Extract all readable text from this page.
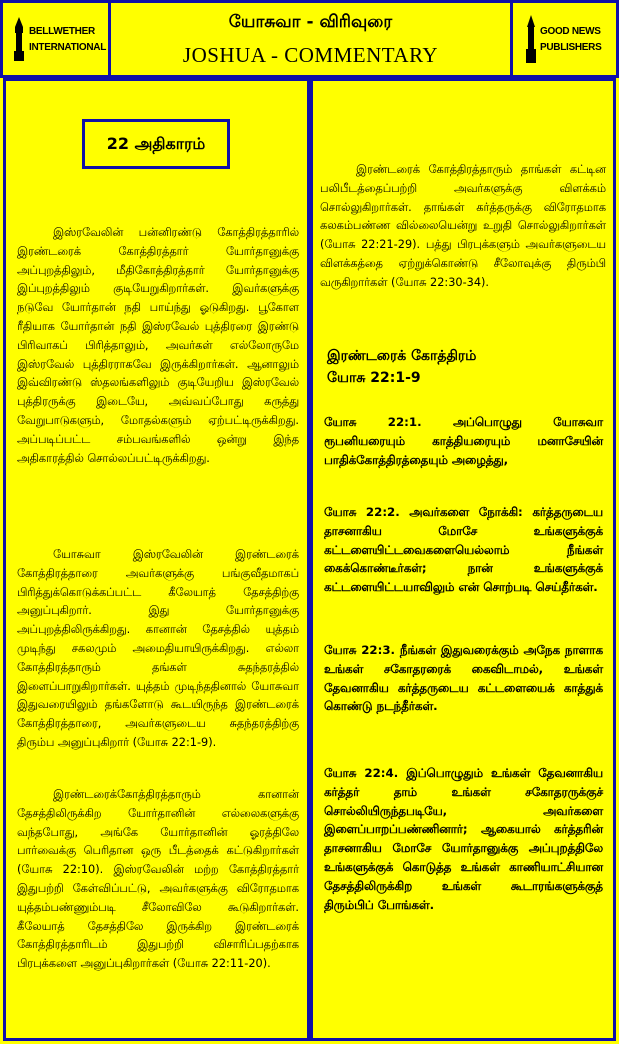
BELLWETHER
INTERNATIONAL
யோசுவா - விரிவுரை
JOSHUA - COMMENTARY
GOOD NEWS
PUBLISHERS
22 அதிகாரம்

இஸ்ரவேலின் பன்னிரண்டு கோத்திரத்தாரில் இரண்டரைக் கோத்திரத்தார் யோர்தானுக்கு அப்புறத்திலும், மீதிகோத்திரத்தார் யோர்தானுக்கு இப்புறத்திலும் குடியேறுகிறார்கள். இவர்களுக்கு நடுவே யோர்தான் நதி பாய்ந்து ஓடுகிறது. பூகோள ரீதியாக யோர்தான் நதி இஸ்ரவேல் புத்திரரை இரண்டு பிரிவாகப் பிரித்தாலும், அவர்கள் எல்லோருமே இஸ்ரவேல் புத்திரராகவே இருக்கிறார்கள். ஆனாலும் இவ்விரண்டு ஸ்தலங்களிலும் குடியேறிய இஸ்ரவேல் புத்திரருக்கு இடையே, அவ்வப்போது கருத்து வேறுபாடுகளும், மோதல்களும் ஏற்பட்டிருக்கிறது. அப்படிப்பட்ட சம்பவங்களில் ஒன்று இந்த அதிகாரத்தில் சொல்லப்பட்டிருக்கிறது.

யோசுவா இஸ்ரவேலின் இரண்டரைக் கோத்திரத்தாரை அவர்களுக்கு பங்குவீதமாகப் பிரித்துக்கொடுக்கப்பட்ட கீலேயாத் தேசத்திற்கு அனுப்புகிறார். இது யோர்தானுக்கு அப்புறத்திலிருக்கிறது. கானான் தேசத்தில் யுத்தம் முடிந்து சகலமும் அமைதியாயிருக்கிறது. எல்லா கோத்திரத்தாரும் தங்கள் சுதந்தரத்தில் இளைப்பாறுகிறார்கள். யுத்தம் முடிந்ததினால் யோசுவா இதுவரையிலும் தங்களோடு கூடயிருந்த இரண்டரைக் கோத்திரத்தாரை, அவர்களுடைய சுதந்தரத்திற்கு திரும்ப அனுப்புகிறார் (யோசு 22:1-9).

இரண்டரைக்கோத்திரத்தாரும் கானான் தேசத்திலிருக்கிற யோர்தானின் எல்லைகளுக்கு வந்தபோது, அங்கே யோர்தானின் ஓரத்திலே பார்வைக்கு பெரிதான ஒரு பீடத்தைக் கட்டுகிறார்கள் (யோசு 22:10). இஸ்ரவேலின் மற்ற கோத்திரத்தார் இதுபற்றி கேள்விப்பட்டு, அவர்களுக்கு விரோதமாக யுத்தம்பண்ணும்படி சீலோவிலே கூடுகிறார்கள். கீலேயாத் தேசத்திலே இருக்கிற இரண்டரைக் கோத்திரத்தாரிடம் இதுபற்றி விசாரிப்பதற்காக பிரபுக்களை அனுப்புகிறார்கள் (யோசு 22:11-20).

இரண்டரைக் கோத்திரத்தாரும் தாங்கள் கட்டின பலிபீடத்தைப்பற்றி அவர்களுக்கு விளக்கம் சொல்லுகிறார்கள். தாங்கள் கர்த்தருக்கு விரோதமாக கலகம்பண்ண வில்லையென்று உறுதி சொல்லுகிறார்கள் (யோசு 22:21-29). பத்து பிரபுக்களும் அவர்களுடைய விளக்கத்தை ஏற்றுக்கொண்டு சீலோவுக்கு திரும்பி வருகிறார்கள் (யோசு 22:30-34).

இரண்டரைக் கோத்திரம்
யோசு 22:1-9
யோசு 22:1. அப்பொழுது யோசுவா ரூபனியரையும் காத்தியரையும் மனாசேயின் பாதிக்கோத்திரத்தையும் அழைத்து,
யோசு 22:2. அவர்களை நோக்கி: கர்த்தருடைய தாசனாகிய மோசே உங்களுக்குக் கட்டளையிட்டவைகளையெல்லாம் நீங்கள் கைக்கொண்டீர்கள்; நான் உங்களுக்குக் கட்டளையிட்டயாவிலும் என் சொற்படி செய்தீர்கள்.
யோசு 22:3. நீங்கள் இதுவரைக்கும் அநேக நாளாக உங்கள் சகோதரரைக் கைவிடாமல், உங்கள் தேவனாகிய கர்த்தருடைய கட்டளையைக் காத்துக் கொண்டு நடந்தீர்கள்.
யோசு 22:4. இப்பொழுதும் உங்கள் தேவனாகிய கர்த்தர் தாம் உங்கள் சகோதரருக்குச் சொல்லியிருந்தபடியே, அவர்களை இளைப்பாறப்பண்ணினார்; ஆகையால் கர்த்தரின் தாசனாகிய மோசே யோர்தானுக்கு அப்புறத்திலே உங்களுக்குக் கொடுத்த உங்கள் காணியாட்சியான தேசத்திலிருக்கிற உங்கள் கூடாரங்களுக்குத் திரும்பிப் போங்கள்.
